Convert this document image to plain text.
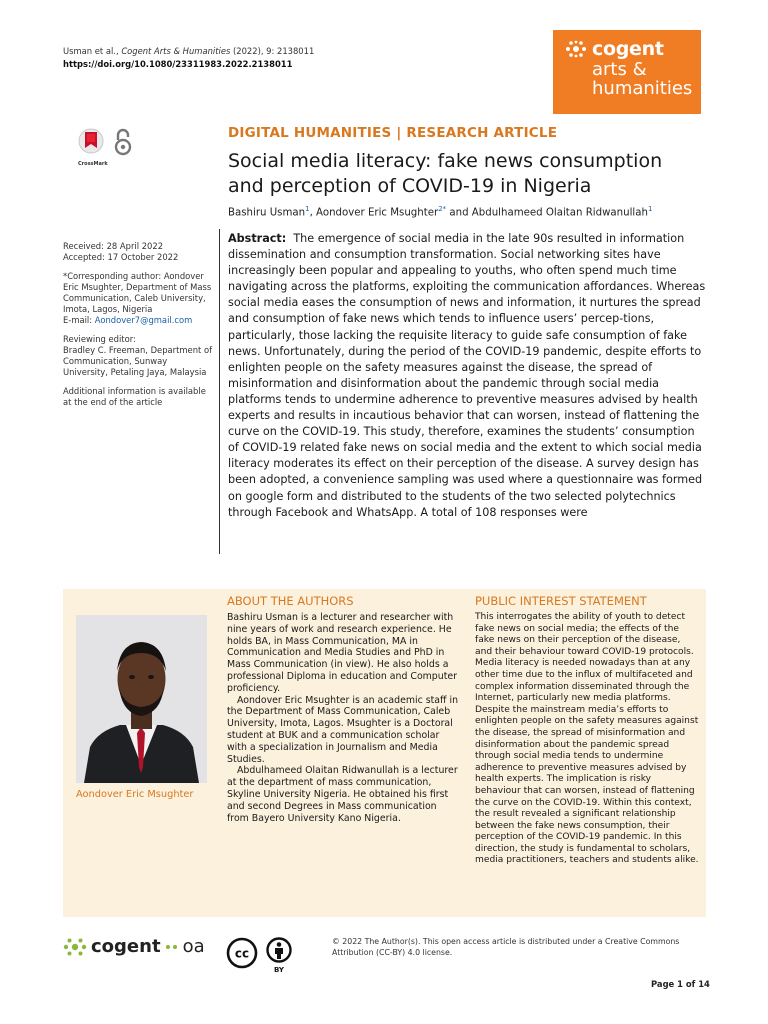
Usman et al., Cogent Arts & Humanities (2022), 9: 2138011
https://doi.org/10.1080/23311983.2022.2138011
cogent
arts &
humanities
CrossMark

Received: 28 April 2022
Accepted: 17 October 2022

*Corresponding author: Aondover Eric Msughter, Department of Mass Communication, Caleb University, Imota, Lagos, Nigeria
E-mail: Aondover7@gmail.com

Reviewing editor:
Bradley C. Freeman, Department of Communication, Sunway University, Petaling Jaya, Malaysia

Additional information is available at the end of the article

DIGITAL HUMANITIES | RESEARCH ARTICLE
Social media literacy: fake news consumption and perception of COVID-19 in Nigeria
Bashiru Usman$^1$, Aondover Eric Msughter$^{2*}$ and Abdulhameed Olaitan Ridwanullah$^1$
Abstract: The emergence of social media in the late 90s resulted in information dissemination and consumption transformation. Social networking sites have increasingly been popular and appealing to youths, who often spend much time navigating across the platforms, exploiting the communication affordances. Whereas social media eases the consumption of news and information, it nurtures the spread and consumption of fake news which tends to influence users’ percep-tions, particularly, those lacking the requisite literacy to guide safe consumption of fake news. Unfortunately, during the period of the COVID-19 pandemic, despite efforts to enlighten people on the safety measures against the disease, the spread of misinformation and disinformation about the pandemic through social media platforms tends to undermine adherence to preventive measures advised by health experts and results in incautious behavior that can worsen, instead of flattening the curve on the COVID-19. This study, therefore, examines the students’ consumption of COVID-19 related fake news on social media and the extent to which social media literacy moderates its effect on their perception of the disease. A survey design has been adopted, a convenience sampling was used where a questionnaire was formed on google form and distributed to the students of the two selected polytechnics through Facebook and WhatsApp. A total of 108 responses were
Aondover Eric Msughter
ABOUT THE AUTHORS

Bashiru Usman is a lecturer and researcher with nine years of work and research experience. He holds BA, in Mass Communication, MA in Communication and Media Studies and PhD in Mass Communication (in view). He also holds a professional Diploma in education and Computer proficiency.

Aondover Eric Msughter is an academic staff in the Department of Mass Communication, Caleb University, Imota, Lagos. Msughter is a Doctoral student at BUK and a communication scholar with a specialization in Journalism and Media Studies.

Abdulhameed Olaitan Ridwanullah is a lecturer at the department of mass communication, Skyline University Nigeria. He obtained his first and second Degrees in Mass communication from Bayero University Kano Nigeria.

PUBLIC INTEREST STATEMENT
This interrogates the ability of youth to detect fake news on social media; the effects of the fake news on their perception of the disease, and their behaviour toward COVID-19 protocols. Media literacy is needed nowadays than at any other time due to the influx of multifaceted and complex information disseminated through the Internet, particularly new media platforms. Despite the mainstream media’s efforts to enlighten people on the safety measures against the disease, the spread of misinformation and disinformation about the pandemic spread through social media tends to undermine adherence to preventive measures advised by health experts. The implication is risky behaviour that can worsen, instead of flattening the curve on the COVID-19. Within this context, the result revealed a significant relationship between the fake news consumption, their perception of the COVID-19 pandemic. In this direction, the study is fundamental to scholars, media practitioners, teachers and students alike.
cogent oa	cc
BY
© 2022 The Author(s). This open access article is distributed under a Creative Commons Attribution (CC-BY) 4.0 license.
Page 1 of 14
